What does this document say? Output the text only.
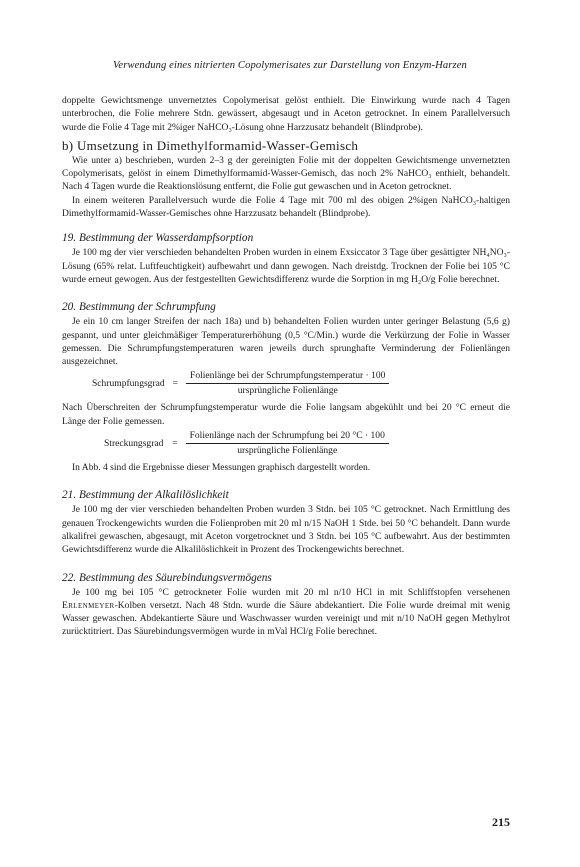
Verwendung eines nitrierten Copolymerisates zur Darstellung von Enzym-Harzen

doppelte Gewichtsmenge unvernetztes Copolymerisat gelöst enthielt. Die Einwirkung wurde nach 4 Tagen unterbrochen, die Folie mehrere Stdn. gewässert, abgesaugt und in Aceton getrocknet. In einem Parallelversuch wurde die Folie 4 Tage mit 2%iger NaHCO₃-Lösung ohne Harzzusatz behandelt (Blindprobe).

b) Umsetzung in Dimethylformamid-Wasser-Gemisch

Wie unter a) beschrieben, wurden 2–3 g der gereinigten Folie mit der doppelten Gewichtsmenge unvernetzten Copolymerisats, gelöst in einem Dimethylformamid-Wasser-Gemisch, das noch 2% NaHCO₃ enthielt, behandelt. Nach 4 Tagen wurde die Reaktionslösung entfernt, die Folie gut gewaschen und in Aceton getrocknet.

In einem weiteren Parallelversuch wurde die Folie 4 Tage mit 700 ml des obigen 2%igen NaHCO₃-haltigen Dimethylformamid-Wasser-Gemisches ohne Harzzusatz behandelt (Blindprobe).

19. Bestimmung der Wasserdampfsorption

Je 100 mg der vier verschieden behandelten Proben wurden in einem Exsiccator 3 Tage über gesättigter NH₄NO₃-Lösung (65% relat. Luftfeuchtigkeit) aufbewahrt und dann gewogen. Nach dreistdg. Trocknen der Folie bei 105 °C wurde erneut gewogen. Aus der festgestellten Gewichtsdifferenz wurde die Sorption in mg H₂O/g Folie berechnet.

20. Bestimmung der Schrumpfung

Je ein 10 cm langer Streifen der nach 18a) und b) behandelten Folien wurden unter geringer Belastung (5,6 g) gespannt, und unter gleichmäßiger Temperaturerhöhung (0,5 °C/Min.) wurde die Verkürzung der Folie in Wasser gemessen. Die Schrumpfungstemperaturen waren jeweils durch sprunghafte Verminderung der Folienlängen ausgezeichnet.

Schrumpfungsgrad = $\frac{\text{Folienlänge bei der Schrumpfungstemperatur · 100}}{\text{ursprüngliche Folienlänge}}$

Nach Überschreiten der Schrumpfungstemperatur wurde die Folie langsam abgekühlt und bei 20 °C erneut die Länge der Folie gemessen.

Streckungsgrad = $\frac{\text{Folienlänge nach der Schrumpfung bei 20 °C · 100}}{\text{ursprüngliche Folienlänge}}$

In Abb. 4 sind die Ergebnisse dieser Messungen graphisch dargestellt worden.

21. Bestimmung der Alkalilöslichkeit

Je 100 mg der vier verschieden behandelten Proben wurden 3 Stdn. bei 105 °C getrocknet. Nach Ermittlung des genauen Trockengewichts wurden die Folienproben mit 20 ml n/15 NaOH 1 Stde. bei 50 °C behandelt. Dann wurde alkalifrei gewaschen, abgesaugt, mit Aceton vorgetrocknet und 3 Stdn. bei 105 °C aufbewahrt. Aus der bestimmten Gewichtsdifferenz wurde die Alkalilöslichkeit in Prozent des Trockengewichts berechnet.

22. Bestimmung des Säurebindungsvermögens

Je 100 mg bei 105 °C getrockneter Folie wurden mit 20 ml n/10 HCl in mit Schliffstopfen versehenen Erlenmeyer-Kolben versetzt. Nach 48 Stdn. wurde die Säure abdekantiert. Die Folie wurde dreimal mit wenig Wasser gewaschen. Abdekantierte Säure und Waschwasser wurden vereinigt und mit n/10 NaOH gegen Methylrot zurücktitriert. Das Säurebindungsvermögen wurde in mVal HCl/g Folie berechnet.

215
